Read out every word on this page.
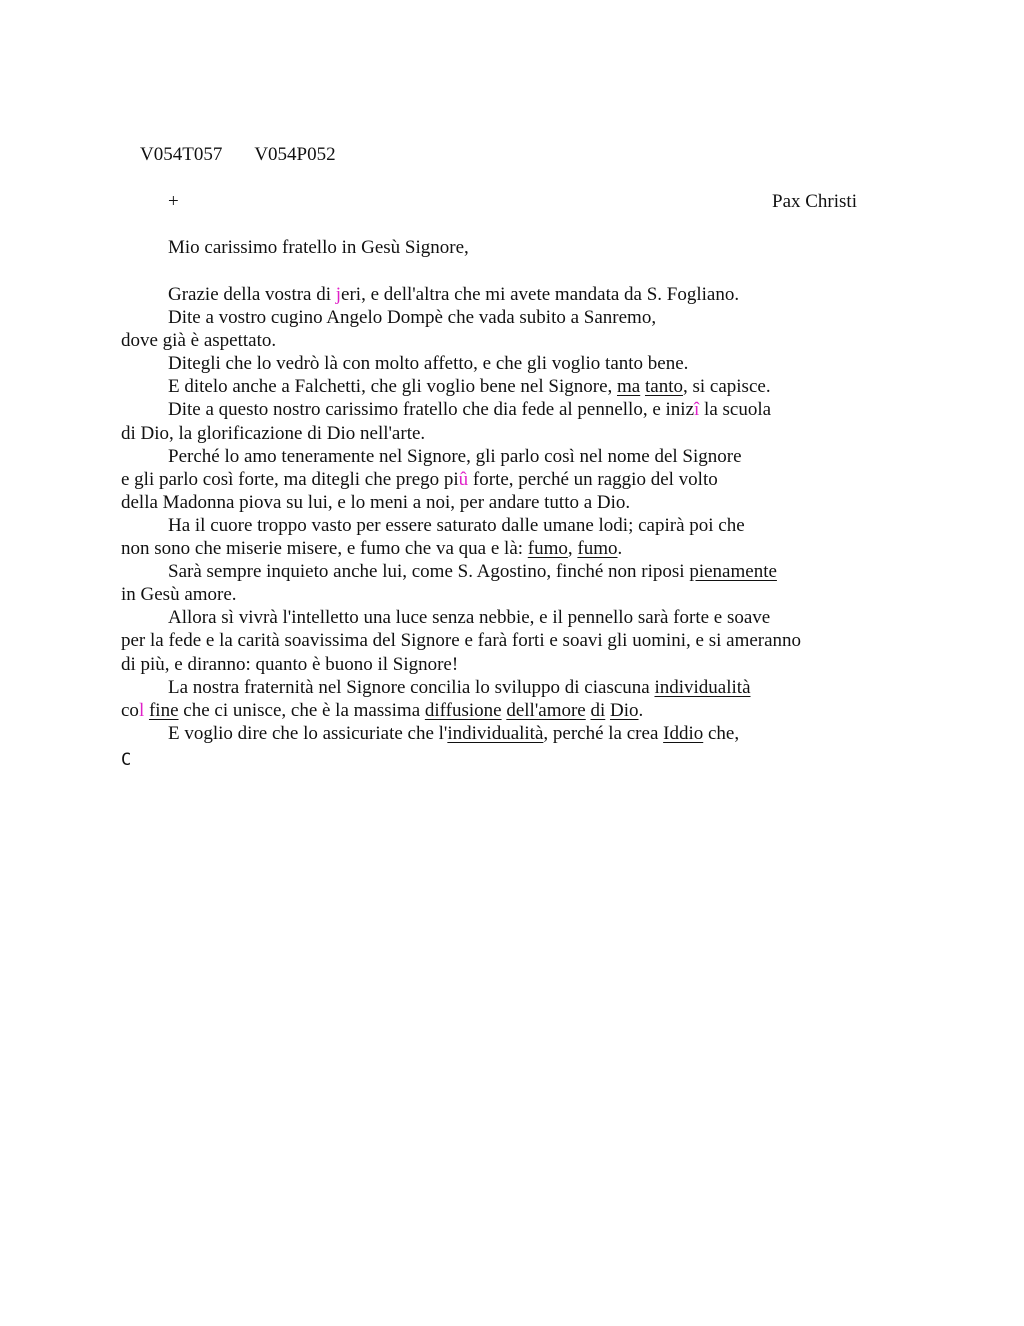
V054T057 V054P052

+	Pax Christi
Mio carissimo fratello in Gesù Signore,
Grazie della vostra di jeri, e dell'altra che mi avete mandata da S. Fogliano.
Dite a vostro cugino Angelo Dompè che vada subito a Sanremo,
dove già è aspettato.
Ditegli che lo vedrò là con molto affetto, e che gli voglio tanto bene.
E ditelo anche a Falchetti, che gli voglio bene nel Signore, ma tanto, si capisce.
Dite a questo nostro carissimo fratello che dia fede al pennello, e inizî la scuola
di Dio, la glorificazione di Dio nell'arte.
Perché lo amo teneramente nel Signore, gli parlo così nel nome del Signore
e gli parlo così forte, ma ditegli che prego piû forte, perché un raggio del volto
della Madonna piova su lui, e lo meni a noi, per andare tutto a Dio.
Ha il cuore troppo vasto per essere saturato dalle umane lodi; capirà poi che
non sono che miserie misere, e fumo che va qua e là: fumo, fumo.
Sarà sempre inquieto anche lui, come S. Agostino, finché non riposi pienamente
in Gesù amore.
Allora sì vivrà l'intelletto una luce senza nebbie, e il pennello sarà forte e soave
per la fede e la carità soavissima del Signore e farà forti e soavi gli uomini, e si ameranno
di più, e diranno: quanto è buono il Signore!
La nostra fraternità nel Signore concilia lo sviluppo di ciascuna individualità
col fine che ci unisce, che è la massima diffusione dell'amore di Dio.
E voglio dire che lo assicuriate che l'individualità, perché la crea Iddio che,
C
